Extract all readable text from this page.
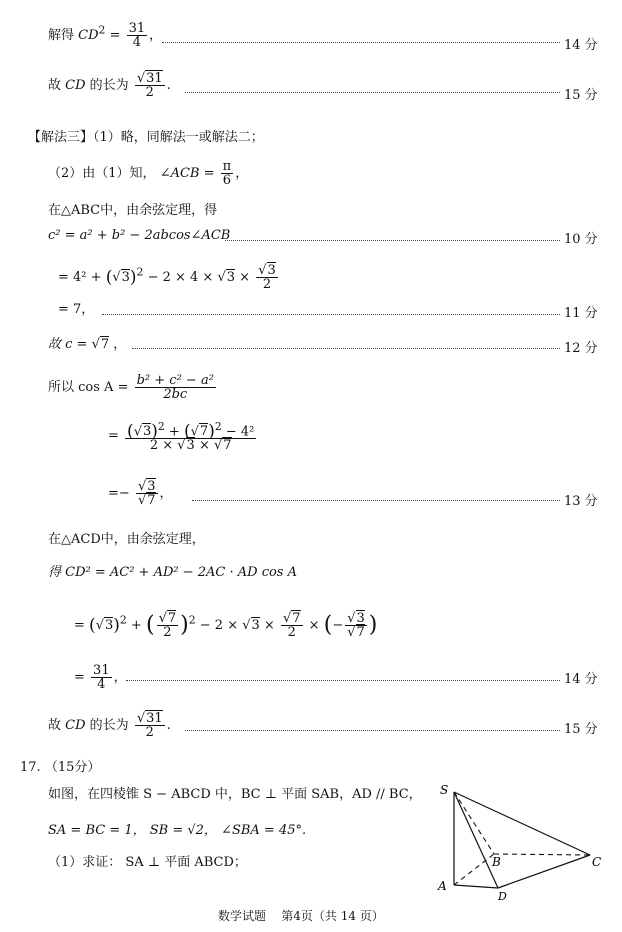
解得 $CD^2 = \frac{31}{4}$ ，
14 分
故 CD 的长为 $\frac{√31}{2}$ .
15 分
【解法三】（1）略，同解法一或解法二；
（2）由（1）知， ∠ACB = $\frac{\pi}{6}$ ，
在△ABC中，由余弦定理，得
c² = a² + b² − 2abcos∠ACB	10 分
= $4^2 + (√3)^2 - 2 \times 4 \times √3 \times \frac{√3}{2}$
= 7，	11 分
故 c = √7 ，	12 分
所以 $\cos A = \frac{\text{b² + c² − a²}}{2bc}$
= $\frac{(√3)^2 + (√7)^2 - 4^2}{2 \times √3 \times √7}$
=− $\frac{√3}{√7}$ ，
13 分
在△ACD中，由余弦定理，
得 CD² = AC² + AD² − 2AC · AD cos A
= $(√3)^2$ + ( $\frac{√7}{2} )^2 - 2 \times √3 \times \frac{√7}{2}$ × (− $\frac{√3}{√7}$ )
= $\frac{31}{4}$ ，	14 分
故 CD 的长为 $\frac{√31}{2}$ .	15 分
17. （15分）
如图，在四棱锥 S − ABCD 中，BC ⊥ 平面 SAB，AD // BC，
SA = BC = 1， SB = √2， ∠SBA = 45°.
（1）求证： SA ⊥ 平面 ABCD；
S
A
B	C
D
数学试题 第4页（共 14 页）
